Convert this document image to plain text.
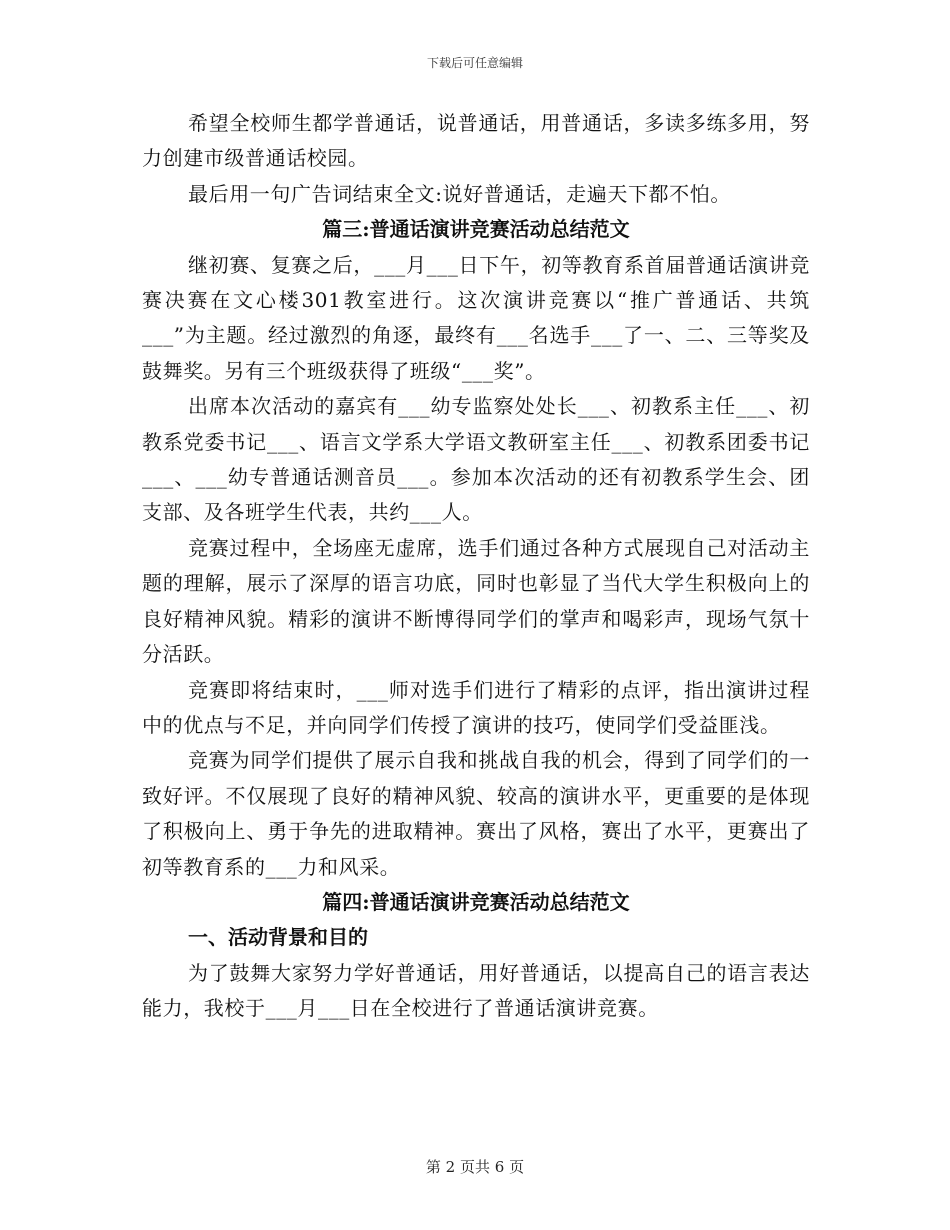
下载后可任意编辑

希望全校师生都学普通话，说普通话，用普通话，多读多练多用，努力创建市级普通话校园。

最后用一句广告词结束全文:说好普通话，走遍天下都不怕。

篇三:普通话演讲竞赛活动总结范文

继初赛、复赛之后，___月___日下午，初等教育系首届普通话演讲竞赛决赛在文心楼301教室进行。这次演讲竞赛以“推广普通话、共筑___”为主题。经过激烈的角逐，最终有___名选手___了一、二、三等奖及鼓舞奖。另有三个班级获得了班级“___奖”。

出席本次活动的嘉宾有___幼专监察处处长___、初教系主任___、初教系党委书记___、语言文学系大学语文教研室主任___、初教系团委书记___、___幼专普通话测音员___。参加本次活动的还有初教系学生会、团支部、及各班学生代表，共约___人。

竞赛过程中，全场座无虚席，选手们通过各种方式展现自己对活动主题的理解，展示了深厚的语言功底，同时也彰显了当代大学生积极向上的良好精神风貌。精彩的演讲不断博得同学们的掌声和喝彩声，现场气氛十分活跃。

竞赛即将结束时，___师对选手们进行了精彩的点评，指出演讲过程中的优点与不足，并向同学们传授了演讲的技巧，使同学们受益匪浅。

竞赛为同学们提供了展示自我和挑战自我的机会，得到了同学们的一致好评。不仅展现了良好的精神风貌、较高的演讲水平，更重要的是体现了积极向上、勇于争先的进取精神。赛出了风格，赛出了水平，更赛出了初等教育系的___力和风采。

篇四:普通话演讲竞赛活动总结范文
一、活动背景和目的

为了鼓舞大家努力学好普通话，用好普通话，以提高自己的语言表达能力，我校于___月___日在全校进行了普通话演讲竞赛。

第 2 页共 6 页
